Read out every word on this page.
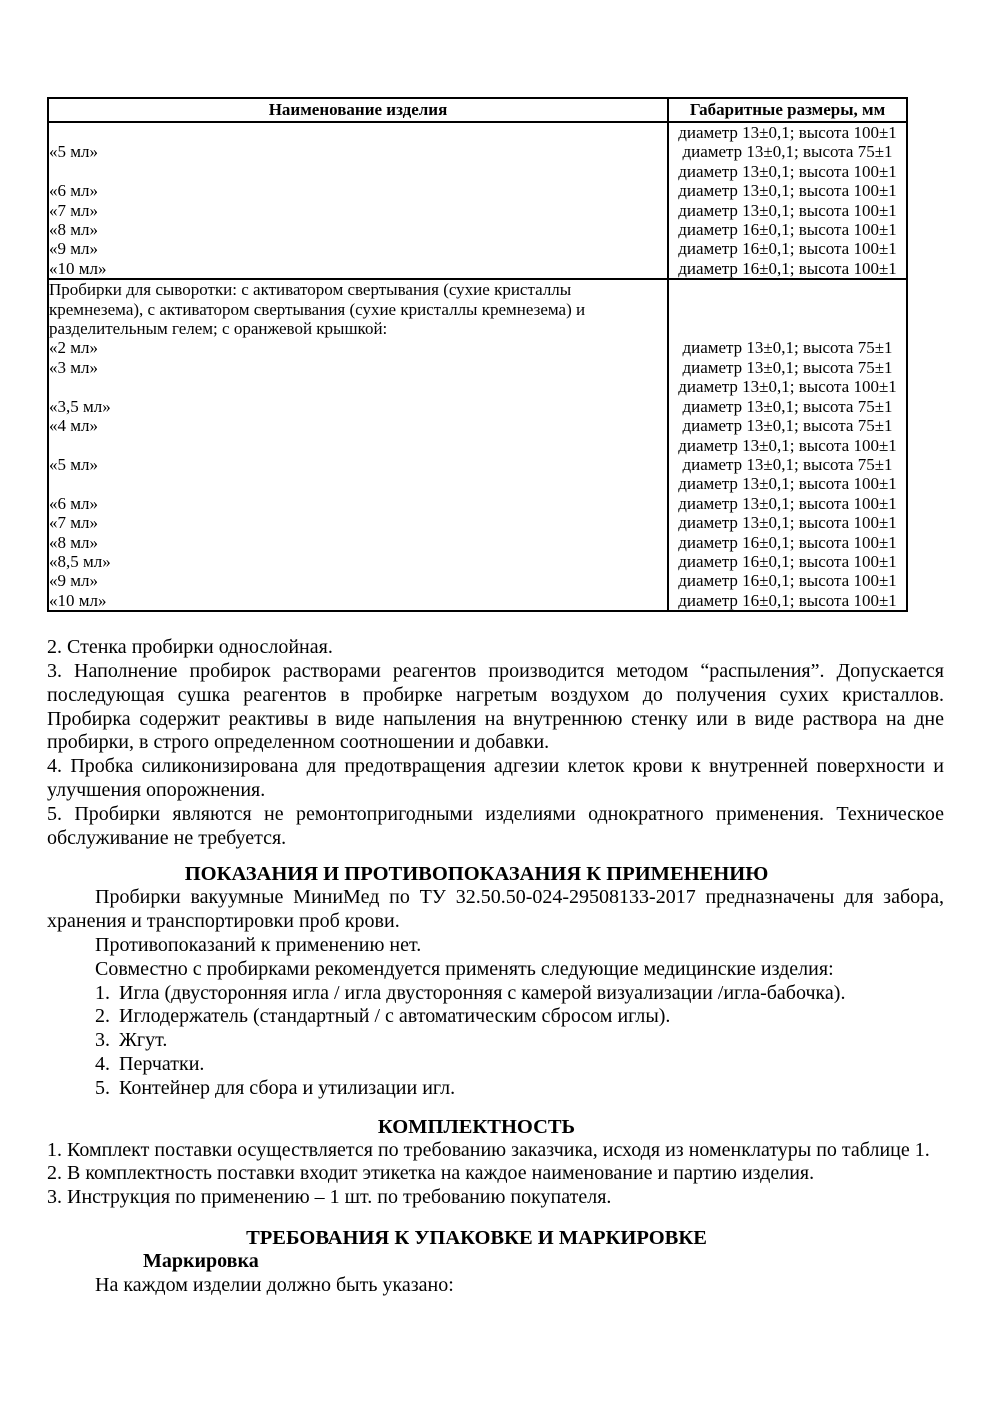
Наименование изделия	Габаритные размеры, мм
	диаметр 13±0,1; высота 100±1
«5 мл»	диаметр 13±0,1; высота 75±1
	диаметр 13±0,1; высота 100±1
«6 мл»	диаметр 13±0,1; высота 100±1
«7 мл»	диаметр 13±0,1; высота 100±1
«8 мл»	диаметр 16±0,1; высота 100±1
«9 мл»	диаметр 16±0,1; высота 100±1
«10 мл»	диаметр 16±0,1; высота 100±1
Пробирки для сыворотки: с активатором свертывания (сухие кристаллы кремнезема), с активатором свертывания (сухие кристаллы кремнезема) и разделительным гелем; с оранжевой крышкой:	
«2 мл»	диаметр 13±0,1; высота 75±1
«3 мл»	диаметр 13±0,1; высота 75±1
	диаметр 13±0,1; высота 100±1
«3,5 мл»	диаметр 13±0,1; высота 75±1
«4 мл»	диаметр 13±0,1; высота 75±1
	диаметр 13±0,1; высота 100±1
«5 мл»	диаметр 13±0,1; высота 75±1
	диаметр 13±0,1; высота 100±1
«6 мл»	диаметр 13±0,1; высота 100±1
«7 мл»	диаметр 13±0,1; высота 100±1
«8 мл»	диаметр 16±0,1; высота 100±1
«8,5 мл»	диаметр 16±0,1; высота 100±1
«9 мл»	диаметр 16±0,1; высота 100±1
«10 мл»	диаметр 16±0,1; высота 100±1

2. Стенка пробирки однослойная.

3. Наполнение пробирок растворами реагентов производится методом “распыления”. Допускается последующая сушка реагентов в пробирке нагретым воздухом до получения сухих кристаллов. Пробирка содержит реактивы в виде напыления на внутреннюю стенку или в виде раствора на дне пробирки, в строго определенном соотношении и добавки.

4. Пробка силиконизирована для предотвращения адгезии клеток крови к внутренней поверхности и улучшения опорожнения.

5. Пробирки являются не ремонтопригодными изделиями однократного применения. Техническое обслуживание не требуется.

ПОКАЗАНИЯ И ПРОТИВОПОКАЗАНИЯ К ПРИМЕНЕНИЮ

Пробирки вакуумные МиниМед по ТУ 32.50.50-024-29508133-2017 предназначены для забора, хранения и транспортировки проб крови.

Противопоказаний к применению нет.

Совместно с пробирками рекомендуется применять следующие медицинские изделия:

1. Игла (двусторонняя игла / игла двусторонняя с камерой визуализации /игла-бабочка).
2. Иглодержатель (стандартный / с автоматическим сбросом иглы).
3. Жгут.
4. Перчатки.
5. Контейнер для сбора и утилизации игл.
КОМПЛЕКТНОСТЬ

1. Комплект поставки осуществляется по требованию заказчика, исходя из номенклатуры по таблице 1.

2. В комплектность поставки входит этикетка на каждое наименование и партию изделия.

3. Инструкция по применению – 1 шт. по требованию покупателя.

ТРЕБОВАНИЯ К УПАКОВКЕ И МАРКИРОВКЕ

Маркировка

На каждом изделии должно быть указано:
